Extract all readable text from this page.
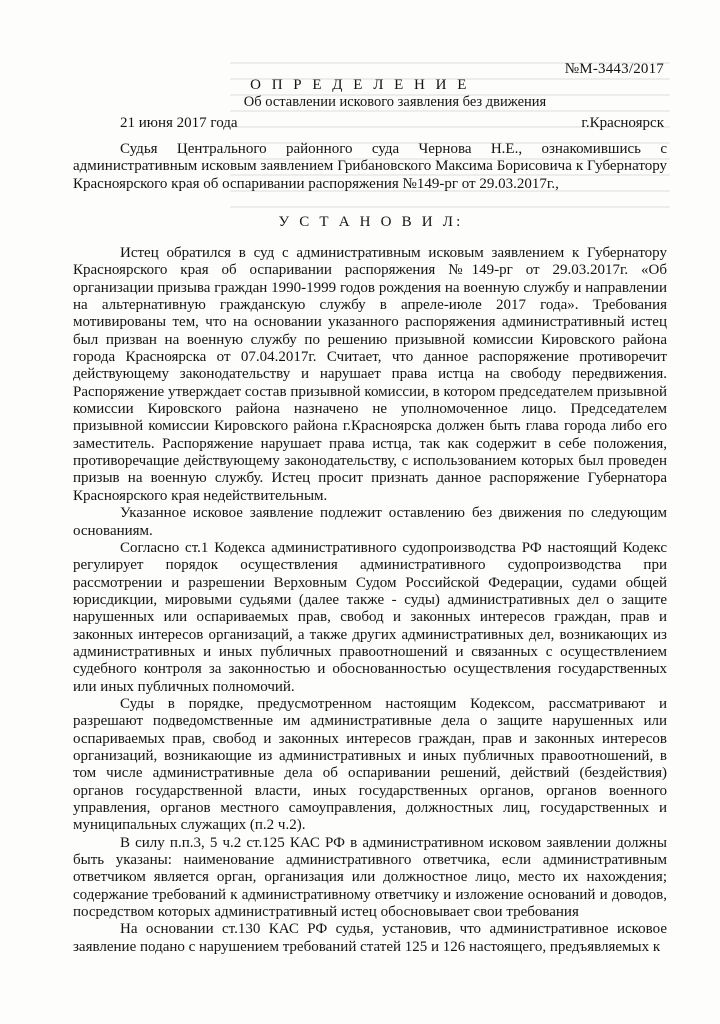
№М-3443/2017
О П Р Е Д Е Л Е Н И Е
Об оставлении искового заявления без движения
21 июня 2017 года	г.Красноярск

Судья Центрального районного суда Чернова Н.Е., ознакомившись с административным исковым заявлением Грибановского Максима Борисовича к Губернатору Красноярского края об оспаривании распоряжения №149-рг от 29.03.2017г.,

У С Т А Н О В И Л:

Истец обратился в суд с административным исковым заявлением к Губернатору Красноярского края об оспаривании распоряжения №149-рг от 29.03.2017г. «Об организации призыва граждан 1990-1999 годов рождения на военную службу и направлении на альтернативную гражданскую службу в апреле-июле 2017 года». Требования мотивированы тем, что на основании указанного распоряжения административный истец был призван на военную службу по решению призывной комиссии Кировского района города Красноярска от 07.04.2017г. Считает, что данное распоряжение противоречит действующему законодательству и нарушает права истца на свободу передвижения. Распоряжение утверждает состав призывной комиссии, в котором председателем призывной комиссии Кировского района назначено не уполномоченное лицо. Председателем призывной комиссии Кировского района г.Красноярска должен быть глава города либо его заместитель. Распоряжение нарушает права истца, так как содержит в себе положения, противоречащие действующему законодательству, с использованием которых был проведен призыв на военную службу. Истец просит признать данное распоряжение Губернатора Красноярского края недействительным.

Указанное исковое заявление подлежит оставлению без движения по следующим основаниям.

Согласно ст.1 Кодекса административного судопроизводства РФ настоящий Кодекс регулирует порядок осуществления административного судопроизводства при рассмотрении и разрешении Верховным Судом Российской Федерации, судами общей юрисдикции, мировыми судьями (далее также - суды) административных дел о защите нарушенных или оспариваемых прав, свобод и законных интересов граждан, прав и законных интересов организаций, а также других административных дел, возникающих из административных и иных публичных правоотношений и связанных с осуществлением судебного контроля за законностью и обоснованностью осуществления государственных или иных публичных полномочий.

Суды в порядке, предусмотренном настоящим Кодексом, рассматривают и разрешают подведомственные им административные дела о защите нарушенных или оспариваемых прав, свобод и законных интересов граждан, прав и законных интересов организаций, возникающие из административных и иных публичных правоотношений, в том числе административные дела об оспаривании решений, действий (бездействия) органов государственной власти, иных государственных органов, органов военного управления, органов местного самоуправления, должностных лиц, государственных и муниципальных служащих (п.2 ч.2).

В силу п.п.3, 5 ч.2 ст.125 КАС РФ в административном исковом заявлении должны быть указаны: наименование административного ответчика, если административным ответчиком является орган, организация или должностное лицо, место их нахождения; содержание требований к административному ответчику и изложение оснований и доводов, посредством которых административный истец обосновывает свои требования

На основании ст.130 КАС РФ судья, установив, что административное исковое заявление подано с нарушением требований статей 125 и 126 настоящего, предъявляемых к
